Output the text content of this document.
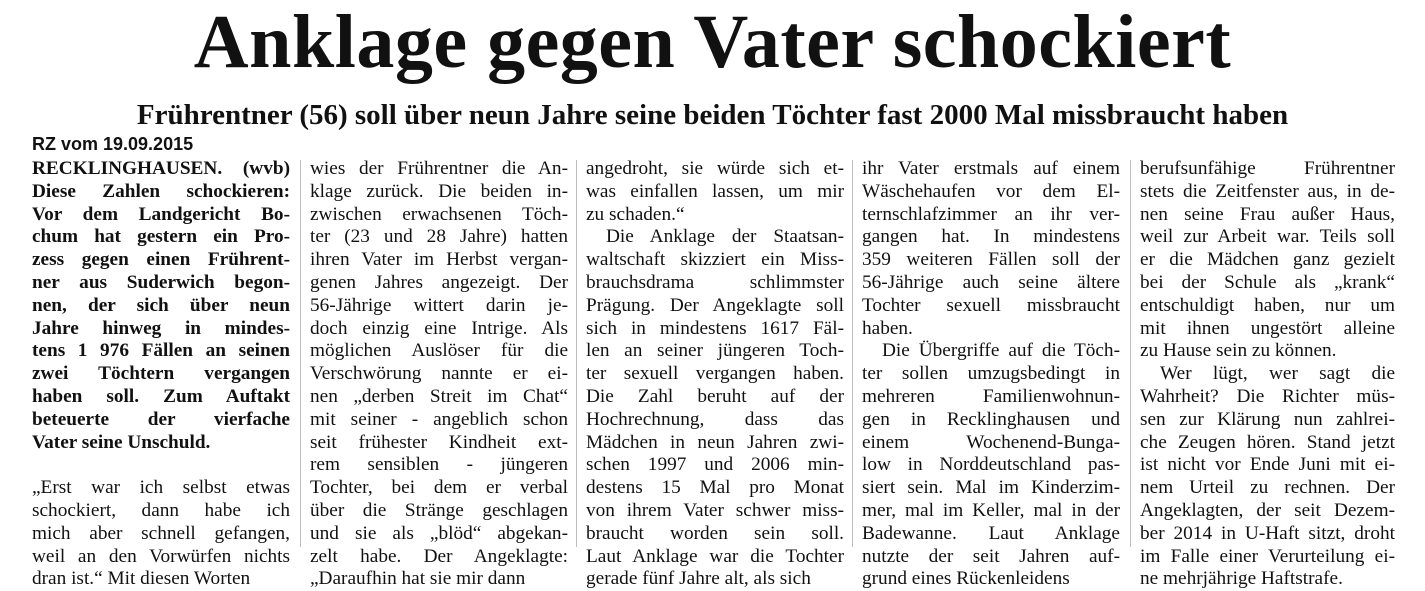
Anklage gegen Vater schockiert
Frührentner (56) soll über neun Jahre seine beiden Töchter fast 2000 Mal missbraucht haben
RZ vom 19.09.2015
RECKLINGHAUSEN. (wvb)
Diese Zahlen schockieren:
Vor dem Landgericht Bo-
chum hat gestern ein Pro-
zess gegen einen Frührent-
ner aus Suderwich begon-
nen, der sich über neun
Jahre hinweg in mindes-
tens 1 976 Fällen an seinen
zwei Töchtern vergangen
haben soll. Zum Auftakt
beteuerte der vierfache
Vater seine Unschuld.
„Erst war ich selbst etwas
schockiert, dann habe ich
mich aber schnell gefangen,
weil an den Vorwürfen nichts
dran ist.“ Mit diesen Worten
wies der Frührentner die An-
klage zurück. Die beiden in-
zwischen erwachsenen Töch-
ter (23 und 28 Jahre) hatten
ihren Vater im Herbst vergan-
genen Jahres angezeigt. Der
56-Jährige wittert darin je-
doch einzig eine Intrige. Als
möglichen Auslöser für die
Verschwörung nannte er ei-
nen „derben Streit im Chat“
mit seiner - angeblich schon
seit frühester Kindheit ext-
rem sensiblen - jüngeren
Tochter, bei dem er verbal
über die Stränge geschlagen
und sie als „blöd“ abgekan-
zelt habe. Der Angeklagte:
„Daraufhin hat sie mir dann
angedroht, sie würde sich et-
was einfallen lassen, um mir
zu schaden.“
Die Anklage der Staatsan-
waltschaft skizziert ein Miss-
brauchsdrama schlimmster
Prägung. Der Angeklagte soll
sich in mindestens 1617 Fäl-
len an seiner jüngeren Toch-
ter sexuell vergangen haben.
Die Zahl beruht auf der
Hochrechnung, dass das
Mädchen in neun Jahren zwi-
schen 1997 und 2006 min-
destens 15 Mal pro Monat
von ihrem Vater schwer miss-
braucht worden sein soll.
Laut Anklage war die Tochter
gerade fünf Jahre alt, als sich
ihr Vater erstmals auf einem
Wäschehaufen vor dem El-
ternschlafzimmer an ihr ver-
gangen hat. In mindestens
359 weiteren Fällen soll der
56-Jährige auch seine ältere
Tochter sexuell missbraucht
haben.
Die Übergriffe auf die Töch-
ter sollen umzugsbedingt in
mehreren Familienwohnun-
gen in Recklinghausen und
einem Wochenend-Bunga-
low in Norddeutschland pas-
siert sein. Mal im Kinderzim-
mer, mal im Keller, mal in der
Badewanne. Laut Anklage
nutzte der seit Jahren auf-
grund eines Rückenleidens
berufsunfähige Frührentner
stets die Zeitfenster aus, in de-
nen seine Frau außer Haus,
weil zur Arbeit war. Teils soll
er die Mädchen ganz gezielt
bei der Schule als „krank“
entschuldigt haben, nur um
mit ihnen ungestört alleine
zu Hause sein zu können.
Wer lügt, wer sagt die
Wahrheit? Die Richter müs-
sen zur Klärung nun zahlrei-
che Zeugen hören. Stand jetzt
ist nicht vor Ende Juni mit ei-
nem Urteil zu rechnen. Der
Angeklagten, der seit Dezem-
ber 2014 in U-Haft sitzt, droht
im Falle einer Verurteilung ei-
ne mehrjährige Haftstrafe.
